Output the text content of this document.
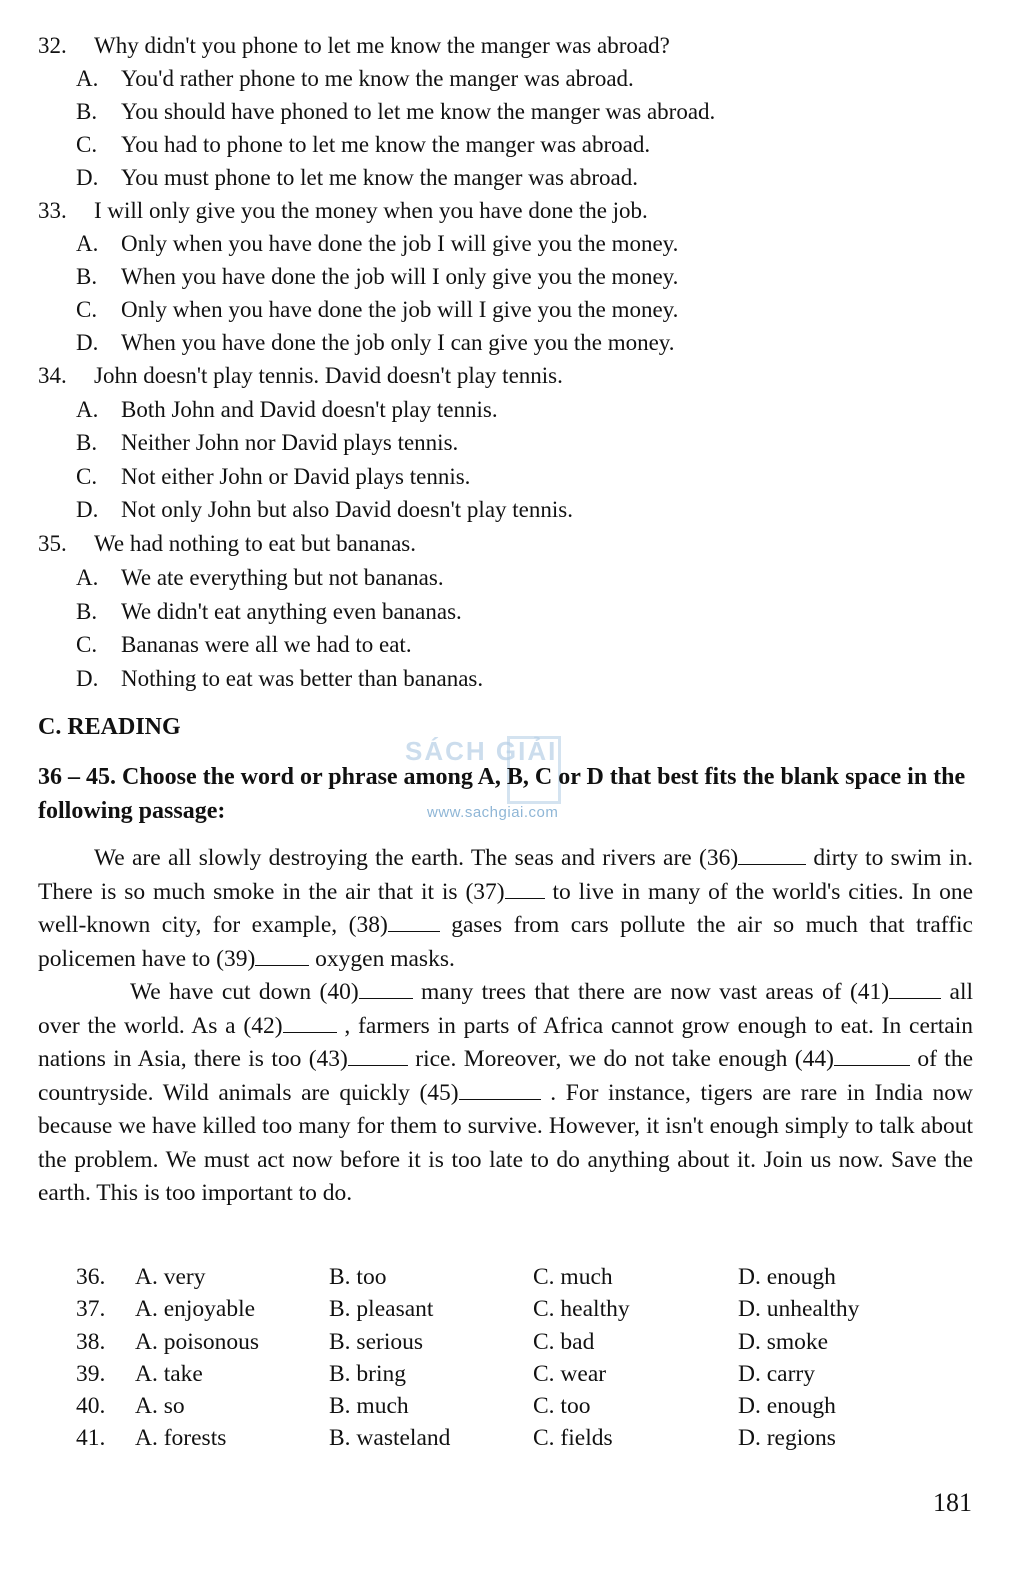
32. Why didn't you phone to let me know the manger was abroad?
A. You'd rather phone to me know the manger was abroad.
B. You should have phoned to let me know the manger was abroad.
C. You had to phone to let me know the manger was abroad.
D. You must phone to let me know the manger was abroad.
33. I will only give you the money when you have done the job.
A. Only when you have done the job I will give you the money.
B. When you have done the job will I only give you the money.
C. Only when you have done the job will I give you the money.
D. When you have done the job only I can give you the money.
34. John doesn't play tennis. David doesn't play tennis.
A. Both John and David doesn't play tennis.
B. Neither John nor David plays tennis.
C. Not either John or David plays tennis.
D. Not only John but also David doesn't play tennis.
35. We had nothing to eat but bananas.
A. We ate everything but not bananas.
B. We didn't eat anything even bananas.
C. Bananas were all we had to eat.
D. Nothing to eat was better than bananas.
C. READING
SÁCH GIẢI
www.sachgiai.com
36 – 45. Choose the word or phrase among A, B, C or D that best fits the blank space in the following passage:
We are all slowly destroying the earth. The seas and rivers are (36)	dirty to swim in. There is so much smoke in the air that it is (37) to live in many of the world's cities. In one well-known city, for example, (38) gases from cars pollute the air so much that traffic policemen have to (39) oxygen masks.
We have cut down (40) many trees that there are now vast areas of (41) all over the world. As a (42) , farmers in parts of Africa cannot grow enough to eat. In certain nations in Asia, there is too (43)	rice. Moreover, we do not take enough (44)	of the countryside. Wild animals are quickly (45)	. For instance, tigers are rare in India now because we have killed too many for them to survive. However, it isn't enough simply to talk about the problem. We must act now before it is too late to do anything about it. Join us now. Save the earth. This is too important to do.
36. A. very	B. too	C. much	D. enough
37. A. enjoyable	B. pleasant	C. healthy	D. unhealthy
38. A. poisonous	B. serious	C. bad	D. smoke
39. A. take	B. bring	C. wear	D. carry
40. A. so	B. much	C. too	D. enough
41. A. forests	B. wasteland	C. fields	D. regions
181
